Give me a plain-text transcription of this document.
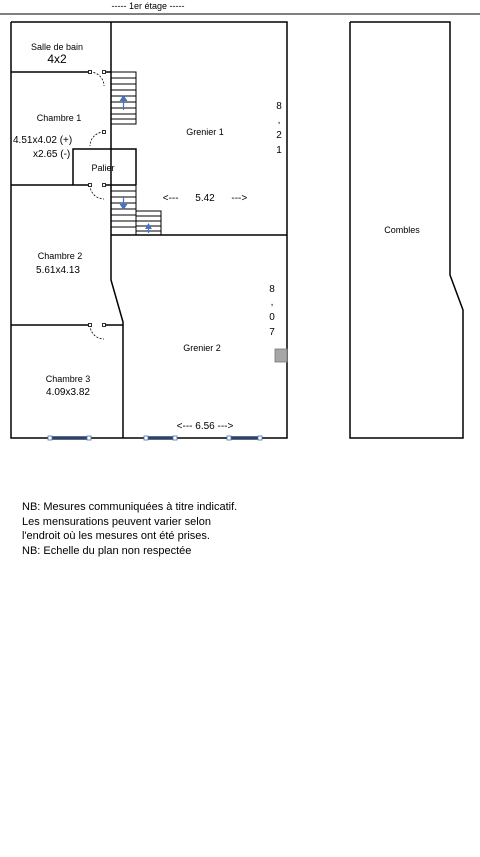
----- 1er étage -----
Salle de bain
4x2
Chambre 1
4.51x4.02 (+)
x2.65 (-)
Palier
Grenier 1
<---      5.42      --->
8
,
2
1
Chambre 2
5.61x4.13
Grenier 2
<--- 6.56 --->
8
,
0
7
Chambre 3
4.09x3.82
Combles
NB: Mesures communiquées à titre indicatif. Les mensurations peuvent varier selon l'endroit où les mesures ont été prises.
NB: Echelle du plan non respectée
